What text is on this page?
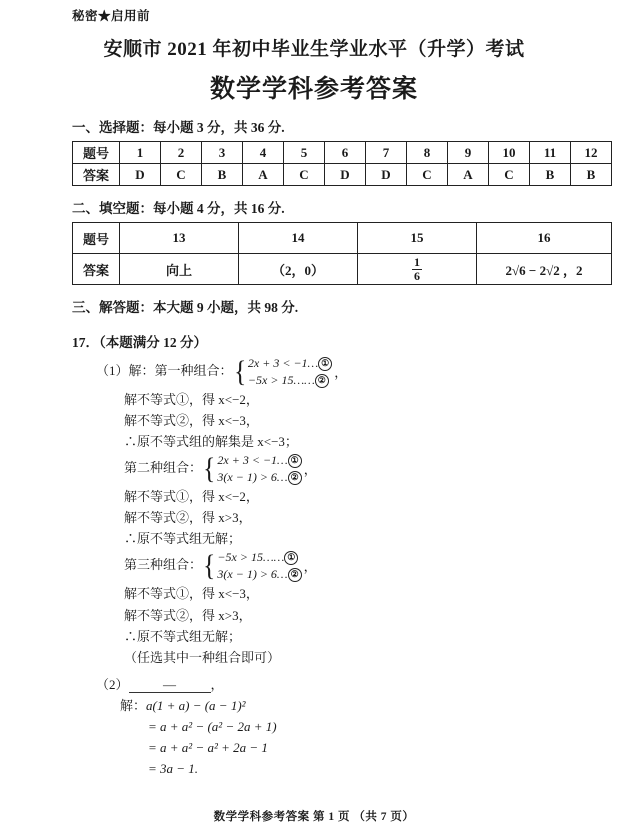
秘密★启用前
安顺市 2021 年初中毕业生学业水平（升学）考试
数学学科参考答案
一、选择题：每小题 3 分，共 36 分.
题号	1	2	3	4	5	6	7	8	9	10	11	12
答案	D	C	B	A	C	D	D	C	A	C	B	B
二、填空题：每小题 4 分，共 16 分.
题号	13	14	15	16
答案	向上	（2，0）	$\frac{1}{6}$	2√6 − 2√2 ，2
三、解答题：本大题 9 小题，共 98 分.
17．（本题满分 12 分）
（1）解：第一种组合： { 2x + 3 < −1… ①
−5x > 15…… ②
，
解不等式①，得 x<−2，
解不等式②，得 x<−3，
∴原不等式组的解集是 x<−3；
第二种组合： { 2x + 3 < −1… ①
3(x − 1) > 6… ②
，
解不等式①，得 x<−2，
解不等式②，得 x>3，
∴原不等式组无解；
第三种组合： { −5x > 15…… ①
3(x − 1) > 6… ②
，
解不等式①，得 x<−3，
解不等式②，得 x>3，
∴原不等式组无解；
（任选其中一种组合即可）
（2）	—	，
解：a(1 + a) − (a − 1)²
= a + a² − (a² − 2a + 1)
= a + a² − a² + 2a − 1
= 3a − 1.
数学学科参考答案 第 1 页 （共 7 页）
